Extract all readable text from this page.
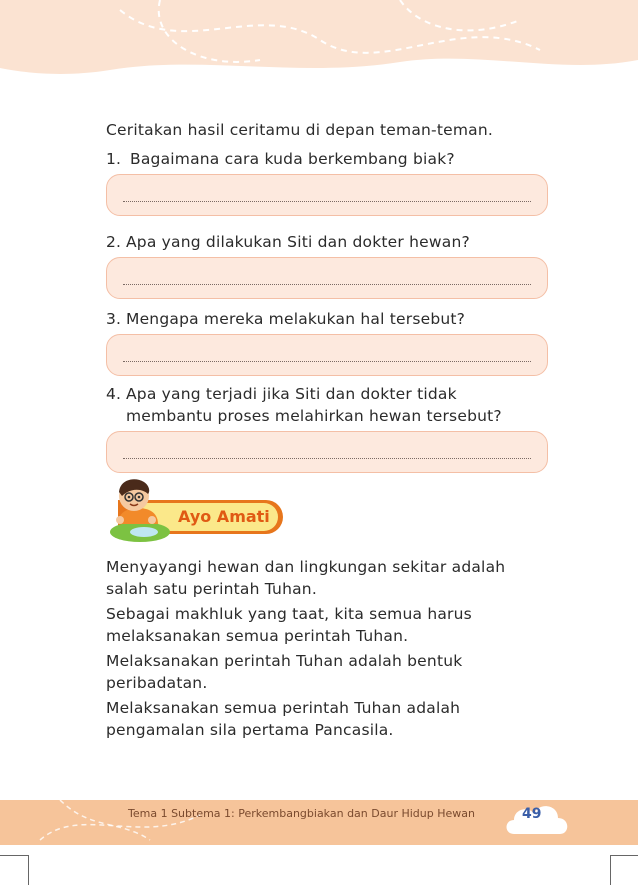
Ceritakan hasil ceritamu di depan teman-teman.
1. Bagaimana cara kuda berkembang biak?
2. Apa yang dilakukan Siti dan dokter hewan?
3. Mengapa mereka melakukan hal tersebut?
4. Apa yang terjadi jika Siti dan dokter tidak
membantu proses melahirkan hewan tersebut?
Ayo Amati
Menyayangi hewan dan lingkungan sekitar adalah
salah satu perintah Tuhan.
Sebagai makhluk yang taat, kita semua harus
melaksanakan semua perintah Tuhan.
Melaksanakan perintah Tuhan adalah bentuk
peribadatan.
Melaksanakan semua perintah Tuhan adalah
pengamalan sila pertama Pancasila.
Tema 1 Subtema 1: Perkembangbiakan dan Daur Hidup Hewan	49
